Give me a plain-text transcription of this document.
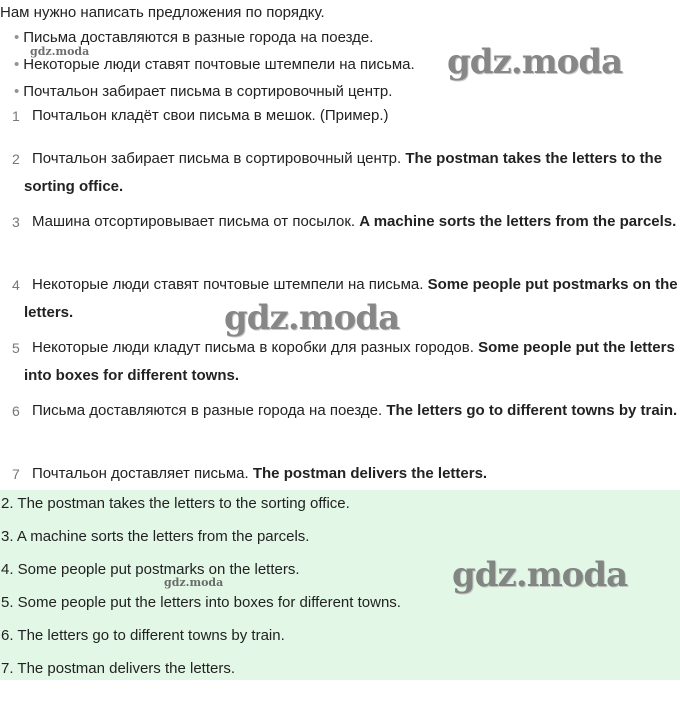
Нам нужно написать предложения по порядку.
• Письма доставляются в разные города на поезде.
• Некоторые люди ставят почтовые штемпели на письма.
• Почтальон забирает письма в сортировочный центр.
1 Почтальон кладёт свои письма в мешок. (Пример.)
2 Почтальон забирает письма в сортировочный центр. The postman takes the letters to the sorting office.
3 Машина отсортировывает письма от посылок. A machine sorts the letters from the parcels.
4 Некоторые люди ставят почтовые штемпели на письма. Some people put postmarks on the letters.
5 Некоторые люди кладут письма в коробки для разных городов. Some people put the letters into boxes for different towns.
6 Письма доставляются в разные города на поезде. The letters go to different towns by train.
7 Почтальон доставляет письма. The postman delivers the letters.
2. The postman takes the letters to the sorting office.
3. A machine sorts the letters from the parcels.
4. Some people put postmarks on the letters.
5. Some people put the letters into boxes for different towns.
6. The letters go to different towns by train.
7. The postman delivers the letters.
gdz.moda	gdz.moda
gdz.moda
gdz.moda
gdz.moda
